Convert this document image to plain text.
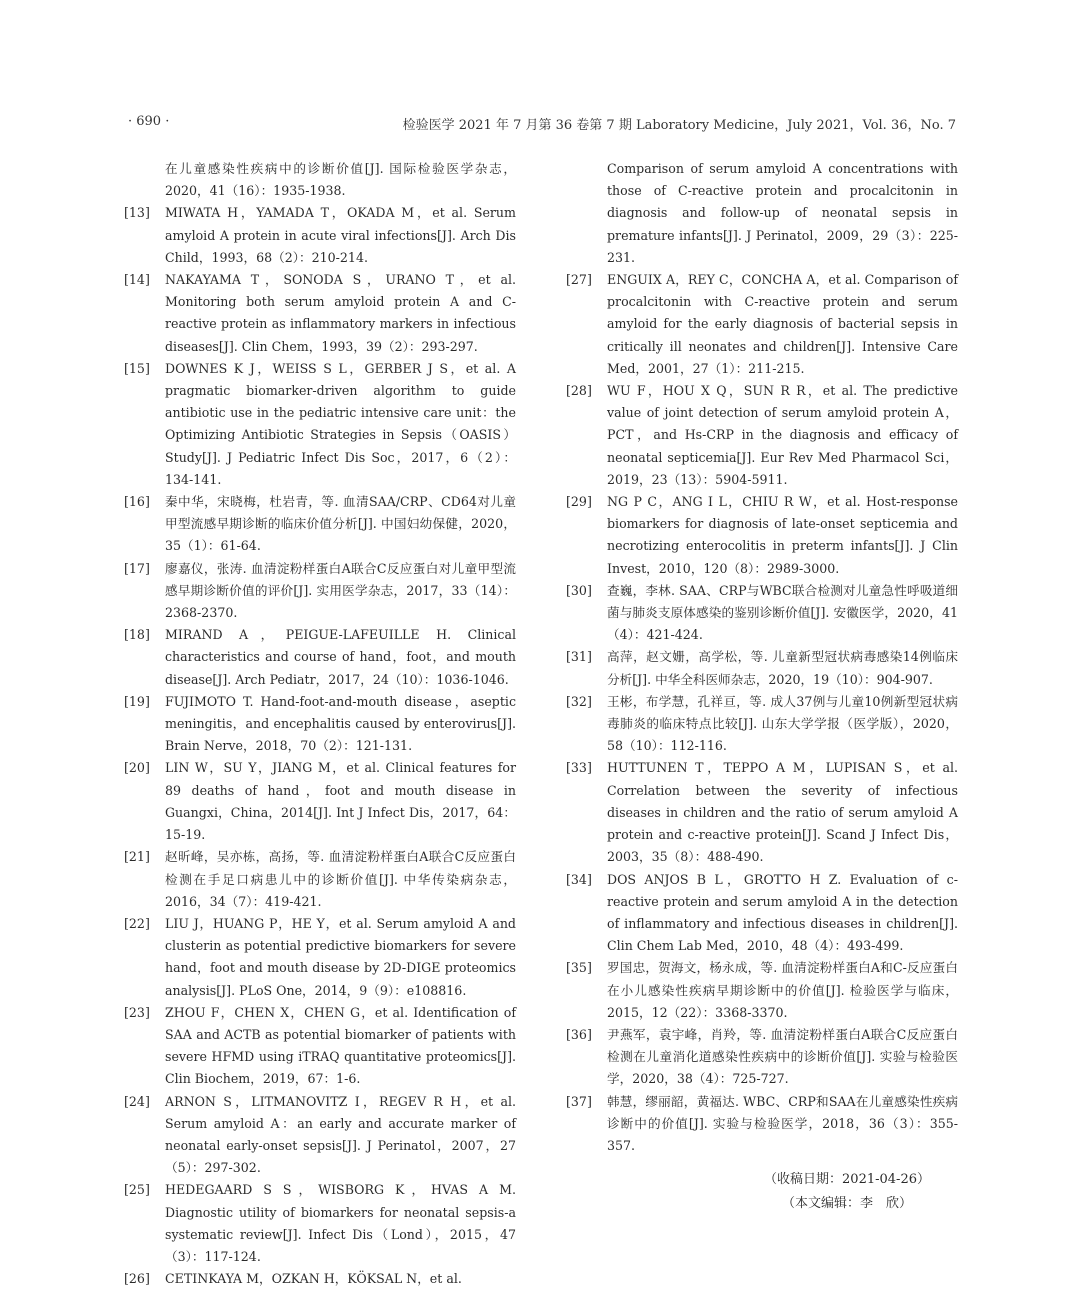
· 690 ·	检验医学 2021 年 7 月第 36 卷第 7 期 Laboratory Medicine，July 2021，Vol. 36，No. 7
在儿童感染性疾病中的诊断价值[J]. 国际检验医学杂志，2020，41（16）：1935-1938.
[13]	MIWATA H，YAMADA T，OKADA M，et al. Serum amyloid A protein in acute viral infections[J]. Arch Dis Child，1993，68（2）：210-214.
[14]	NAKAYAMA T，SONODA S，URANO T，et al. Monitoring both serum amyloid protein A and C-reactive protein as inflammatory markers in infectious diseases[J]. Clin Chem，1993，39（2）：293-297.
[15]	DOWNES K J，WEISS S L，GERBER J S，et al. A pragmatic biomarker-driven algorithm to guide antibiotic use in the pediatric intensive care unit：the Optimizing Antibiotic Strategies in Sepsis（OASIS） Study[J]. J Pediatric Infect Dis Soc，2017，6（2）：134-141.
[16]	秦中华，宋晓梅，杜岩青，等. 血清SAA/CRP、CD64对儿童甲型流感早期诊断的临床价值分析[J]. 中国妇幼保健，2020，35（1）：61-64.
[17]	廖嘉仪，张涛. 血清淀粉样蛋白A联合C反应蛋白对儿童甲型流感早期诊断价值的评价[J]. 实用医学杂志，2017，33（14）：2368-2370.
[18]	MIRAND A，PEIGUE-LAFEUILLE H. Clinical characteristics and course of hand，foot，and mouth disease[J]. Arch Pediatr，2017，24（10）：1036-1046.
[19]	FUJIMOTO T. Hand-foot-and-mouth disease，aseptic meningitis，and encephalitis caused by enterovirus[J]. Brain Nerve，2018，70（2）：121-131.
[20]	LIN W，SU Y，JIANG M，et al. Clinical features for 89 deaths of hand，foot and mouth disease in Guangxi，China，2014[J]. Int J Infect Dis，2017，64：15-19.
[21]	赵昕峰，吴亦栋，高扬，等. 血清淀粉样蛋白A联合C反应蛋白检测在手足口病患儿中的诊断价值[J]. 中华传染病杂志，2016，34（7）：419-421.
[22]	LIU J，HUANG P，HE Y，et al. Serum amyloid A and clusterin as potential predictive biomarkers for severe hand，foot and mouth disease by 2D-DIGE proteomics analysis[J]. PLoS One，2014，9（9）：e108816.
[23]	ZHOU F，CHEN X，CHEN G，et al. Identification of SAA and ACTB as potential biomarker of patients with severe HFMD using iTRAQ quantitative proteomics[J]. Clin Biochem，2019，67：1-6.
[24]	ARNON S，LITMANOVITZ I，REGEV R H，et al. Serum amyloid A：an early and accurate marker of neonatal early-onset sepsis[J]. J Perinatol，2007，27（5）：297-302.
[25]	HEDEGAARD S S，WISBORG K，HVAS A M. Diagnostic utility of biomarkers for neonatal sepsis-a systematic review[J]. Infect Dis（Lond），2015，47（3）：117-124.
[26]	CETINKAYA M，OZKAN H，KÖKSAL N，et al.
Comparison of serum amyloid A concentrations with those of C-reactive protein and procalcitonin in diagnosis and follow-up of neonatal sepsis in premature infants[J]. J Perinatol，2009，29（3）：225-231.
[27]	ENGUIX A，REY C，CONCHA A，et al. Comparison of procalcitonin with C-reactive protein and serum amyloid for the early diagnosis of bacterial sepsis in critically ill neonates and children[J]. Intensive Care Med，2001，27（1）：211-215.
[28]	WU F，HOU X Q，SUN R R，et al. The predictive value of joint detection of serum amyloid protein A，PCT，and Hs-CRP in the diagnosis and efficacy of neonatal septicemia[J]. Eur Rev Med Pharmacol Sci，2019，23（13）：5904-5911.
[29]	NG P C，ANG I L，CHIU R W，et al. Host-response biomarkers for diagnosis of late-onset septicemia and necrotizing enterocolitis in preterm infants[J]. J Clin Invest，2010，120（8）：2989-3000.
[30]	查巍，李林. SAA、CRP与WBC联合检测对儿童急性呼吸道细菌与肺炎支原体感染的鉴别诊断价值[J]. 安徽医学，2020，41（4）：421-424.
[31]	高萍，赵文姗，高学松，等. 儿童新型冠状病毒感染14例临床分析[J]. 中华全科医师杂志，2020，19（10）：904-907.
[32]	王彬，布学慧，孔祥亘，等. 成人37例与儿童10例新型冠状病毒肺炎的临床特点比较[J]. 山东大学学报（医学版），2020，58（10）：112-116.
[33]	HUTTUNEN T，TEPPO A M，LUPISAN S，et al. Correlation between the severity of infectious diseases in children and the ratio of serum amyloid A protein and c-reactive protein[J]. Scand J Infect Dis，2003，35（8）：488-490.
[34]	DOS ANJOS B L，GROTTO H Z. Evaluation of c-reactive protein and serum amyloid A in the detection of inflammatory and infectious diseases in children[J]. Clin Chem Lab Med，2010，48（4）：493-499.
[35]	罗国忠，贺海文，杨永成，等. 血清淀粉样蛋白A和C-反应蛋白在小儿感染性疾病早期诊断中的价值[J]. 检验医学与临床，2015，12（22）：3368-3370.
[36]	尹燕军，袁宇峰，肖羚，等. 血清淀粉样蛋白A联合C反应蛋白检测在儿童消化道感染性疾病中的诊断价值[J]. 实验与检验医学，2020，38（4）：725-727.
[37]	韩慧，缪丽韶，黄福达. WBC、CRP和SAA在儿童感染性疾病诊断中的价值[J]. 实验与检验医学，2018，36（3）：355-357.
（收稿日期：2021-04-26）
（本文编辑：李　欣）
